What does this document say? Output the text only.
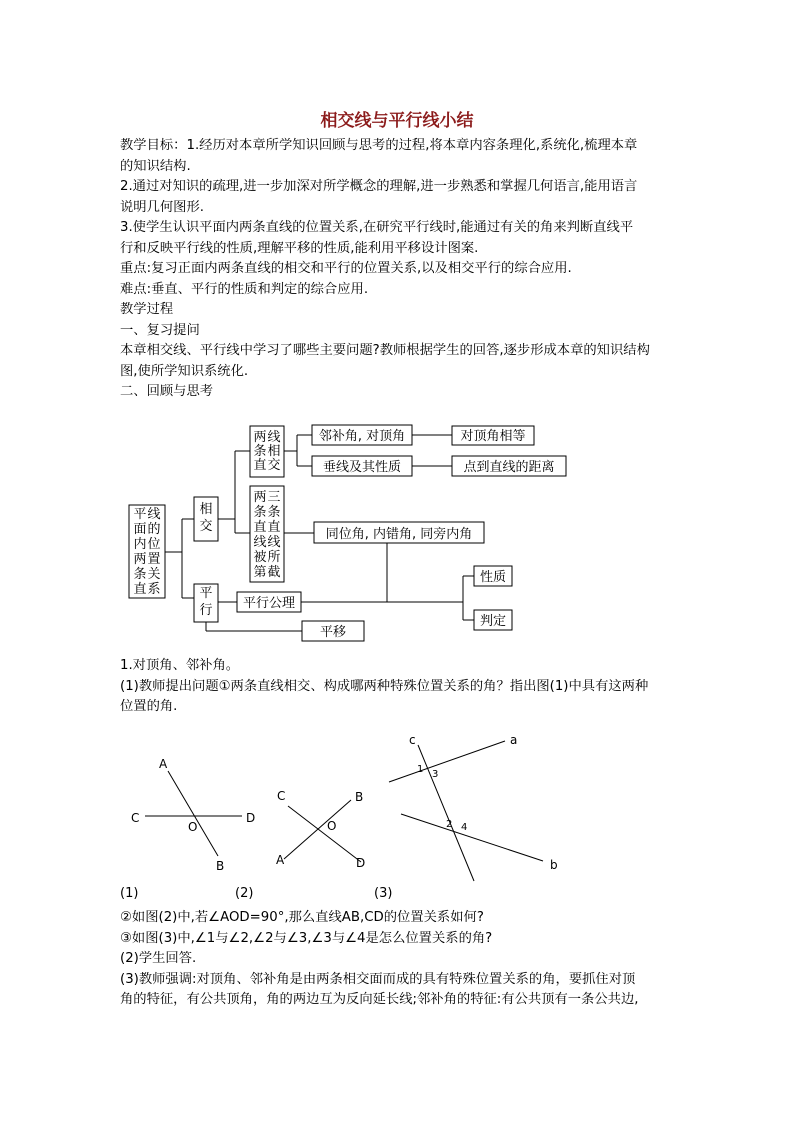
相交线与平行线小结
教学目标：1.经历对本章所学知识回顾与思考的过程,将本章内容条理化,系统化,梳理本章
的知识结构.
2.通过对知识的疏理,进一步加深对所学概念的理解,进一步熟悉和掌握几何语言,能用语言
说明几何图形.
3.使学生认识平面内两条直线的位置关系,在研究平行线时,能通过有关的角来判断直线平
行和反映平行线的性质,理解平移的性质,能利用平移设计图案.
重点:复习正面内两条直线的相交和平行的位置关系,以及相交平行的综合应用.
难点:垂直、平行的性质和判定的综合应用.
教学过程
一、复习提问
本章相交线、平行线中学习了哪些主要问题?教师根据学生的回答,逐步形成本章的知识结构
图,使所学知识系统化.
二、回顾与思考
平面内两条直线的位置关系
相交
平行
两条直线相交
两条直线被第三条直线所截
邻补角, 对顶角	对顶角相等
垂线及其性质	点到直线的距离
同位角, 内错角, 同旁内角
性质
判定
平行公理
平移
1.对顶角、邻补角。
(1)教师提出问题①两条直线相交、构成哪两种特殊位置关系的角？指出图(1)中具有这两种
位置的角.
A
C	D
O
B
C	B
O
A	D
c	a
b
1 3
2 4
(1)	(2)	(3)
②如图(2)中,若∠AOD=90°,那么直线AB,CD的位置关系如何?
③如图(3)中,∠1与∠2,∠2与∠3,∠3与∠4是怎么位置关系的角?
(2)学生回答.
(3)教师强调:对顶角、邻补角是由两条相交面而成的具有特殊位置关系的角，要抓住对顶
角的特征，有公共顶角，角的两边互为反向延长线;邻补角的特征:有公共顶有一条公共边,
